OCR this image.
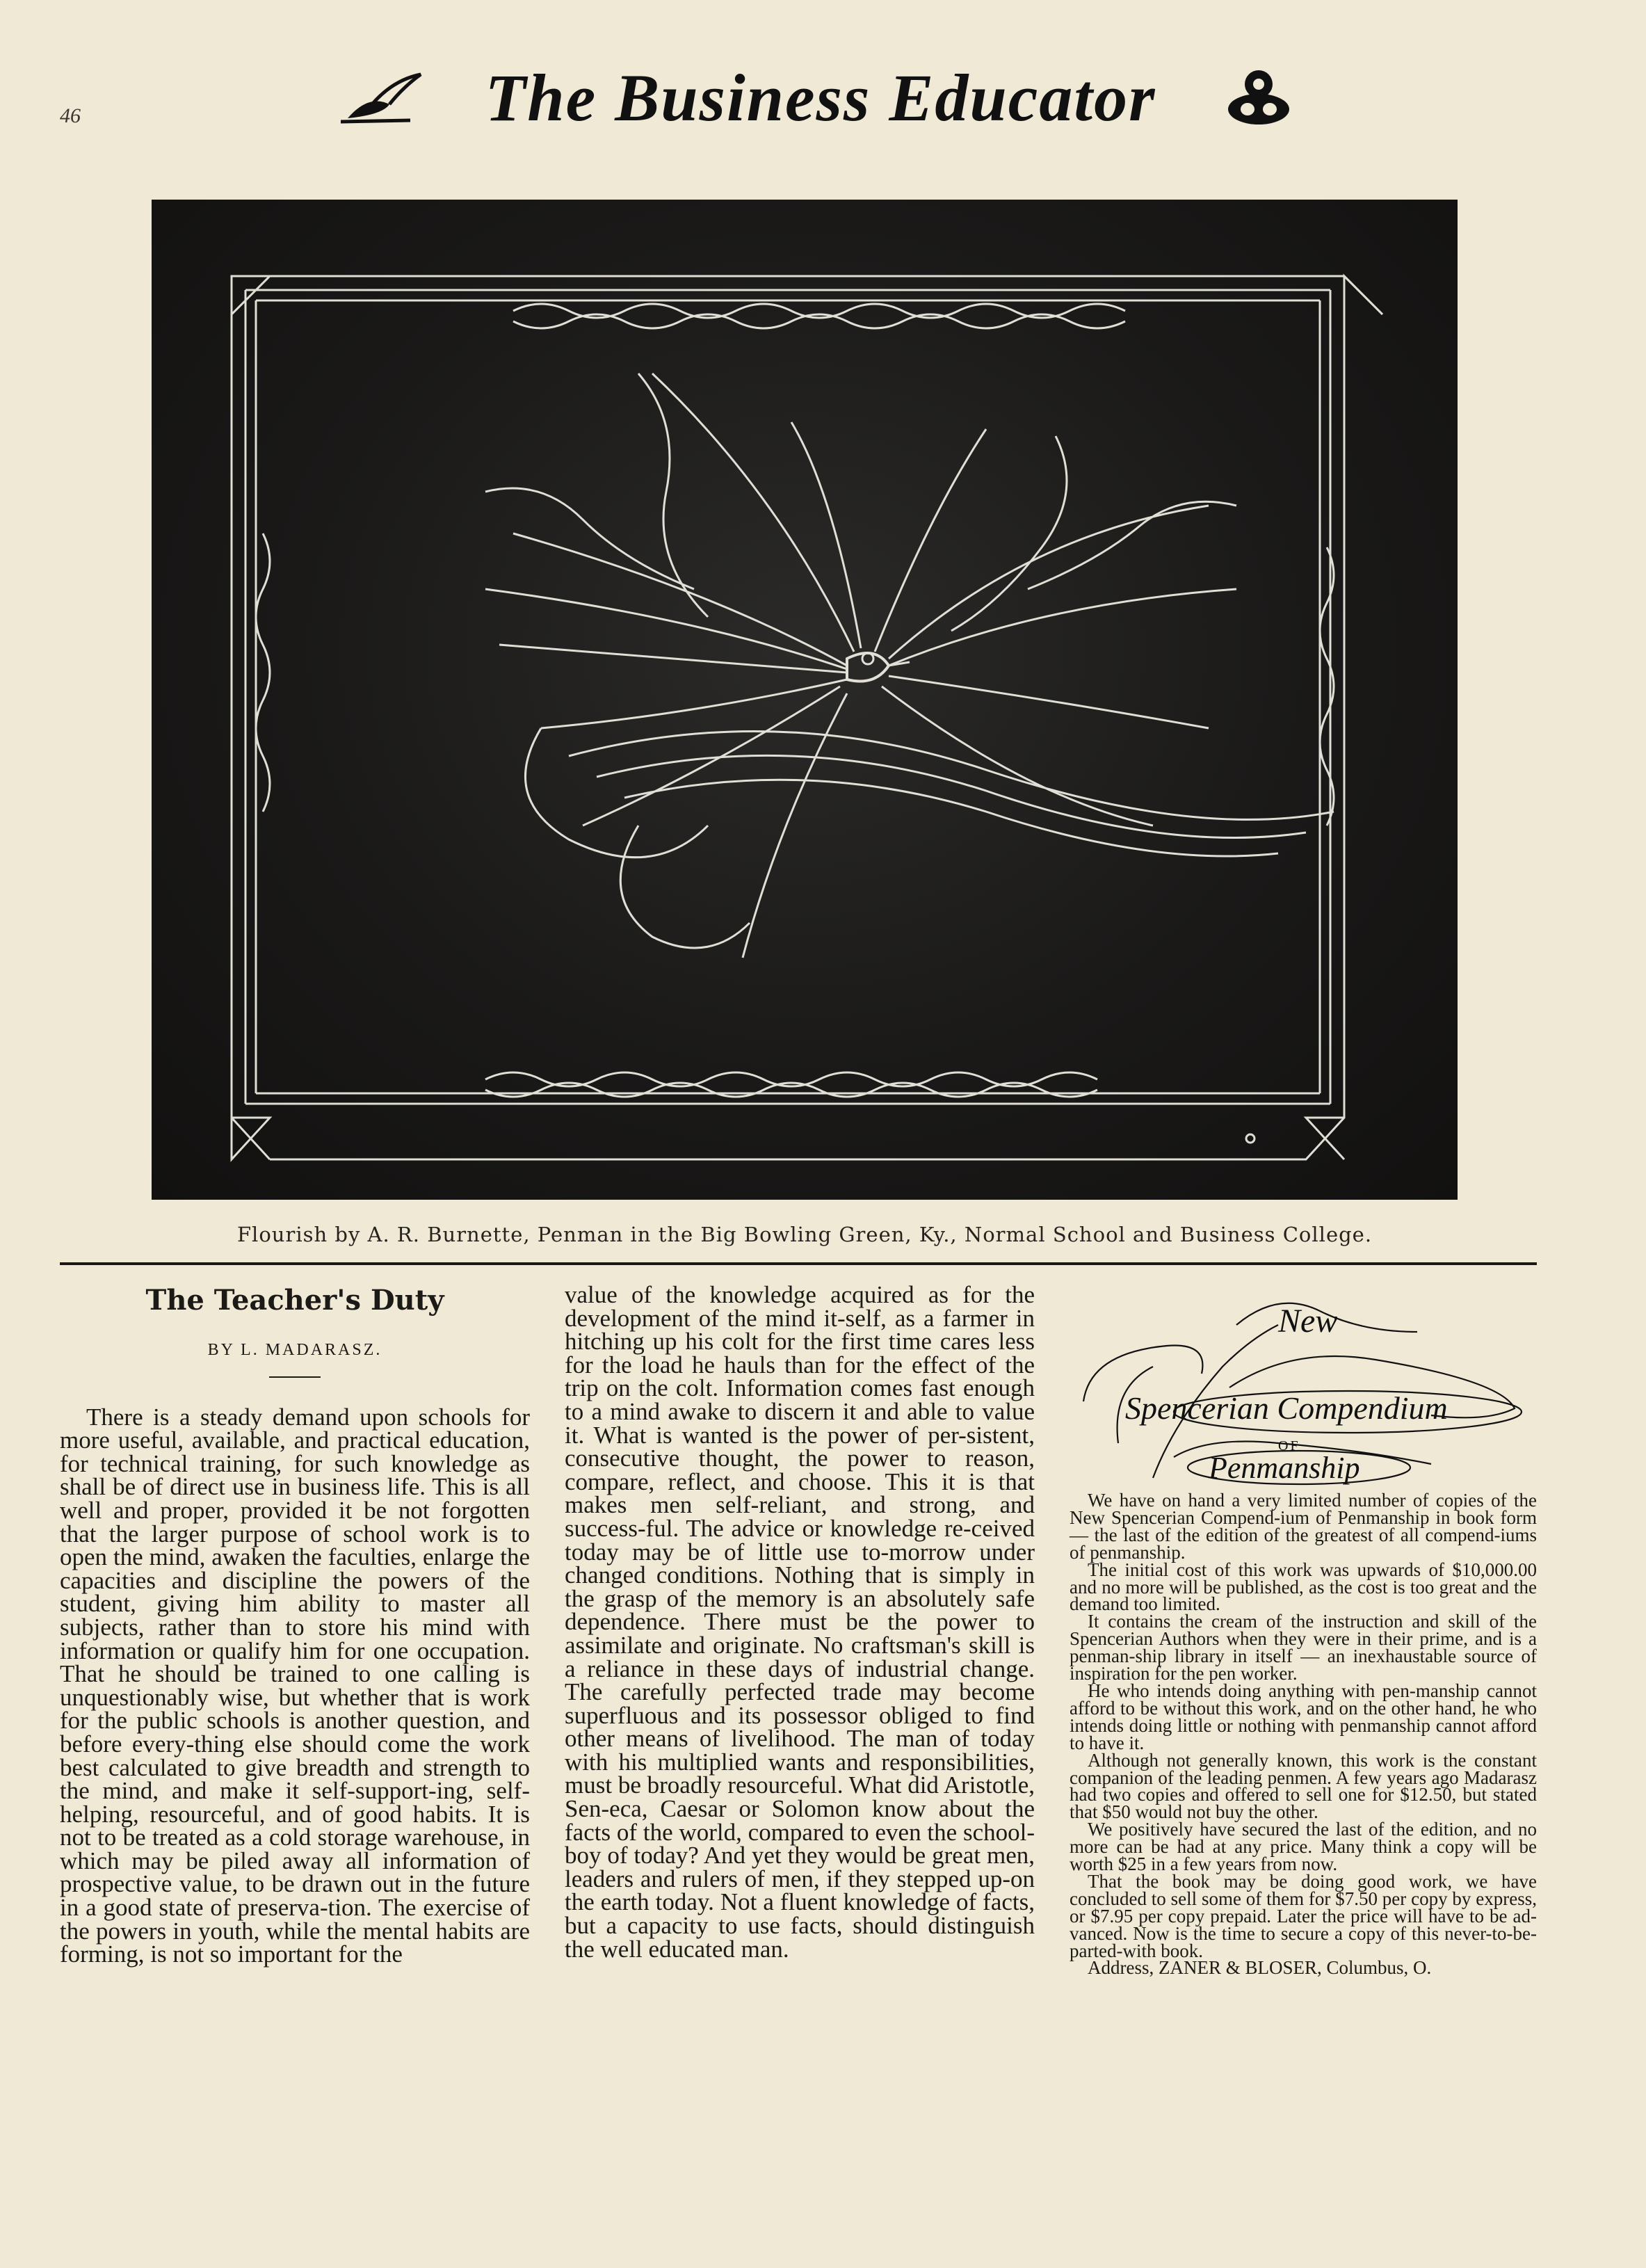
46	The Business Educator
Flourish by A. R. Burnette, Penman in the Big Bowling Green, Ky., Normal School and Business College.
The Teacher's Duty
BY L. MADARASZ.

There is a steady demand upon schools for more useful, available, and practical education, for technical training, for such knowledge as shall be of direct use in business life. This is all well and proper, provided it be not forgotten that the larger purpose of school work is to open the mind, awaken the faculties, enlarge the capacities and discipline the powers of the student, giving him ability to master all subjects, rather than to store his mind with information or qualify him for one occupation. That he should be trained to one calling is unquestionably wise, but whether that is work for the public schools is another question, and before every-thing else should come the work best calculated to give breadth and strength to the mind, and make it self-support-ing, self-helping, resourceful, and of good habits. It is not to be treated as a cold storage warehouse, in which may be piled away all information of prospective value, to be drawn out in the future in a good state of preserva-tion. The exercise of the powers in youth, while the mental habits are forming, is not so important for the

value of the knowledge acquired as for the development of the mind it-self, as a farmer in hitching up his colt for the first time cares less for the load he hauls than for the effect of the trip on the colt. Information comes fast enough to a mind awake to discern it and able to value it. What is wanted is the power of per-sistent, consecutive thought, the power to reason, compare, reflect, and choose. This it is that makes men self-reliant, and strong, and success-ful. The advice or knowledge re-ceived today may be of little use to-morrow under changed conditions. Nothing that is simply in the grasp of the memory is an absolutely safe dependence. There must be the power to assimilate and originate. No craftsman's skill is a reliance in these days of industrial change. The carefully perfected trade may become superfluous and its possessor obliged to find other means of livelihood. The man of today with his multiplied wants and responsibilities, must be broadly resourceful. What did Aristotle, Sen-eca, Caesar or Solomon know about the facts of the world, compared to even the school-boy of today? And yet they would be great men, leaders and rulers of men, if they stepped up-on the earth today. Not a fluent knowledge of facts, but a capacity to use facts, should distinguish the well educated man.

New
Spencerian Compendium
OF
Penmanship

We have on hand a very limited number of copies of the New Spencerian Compend-ium of Penmanship in book form — the last of the edition of the greatest of all compend-iums of penmanship.

The initial cost of this work was upwards of $10,000.00 and no more will be published, as the cost is too great and the demand too limited.

It contains the cream of the instruction and skill of the Spencerian Authors when they were in their prime, and is a penman-ship library in itself — an inexhaustable source of inspiration for the pen worker.

He who intends doing anything with pen-manship cannot afford to be without this work, and on the other hand, he who intends doing little or nothing with penmanship cannot afford to have it.

Although not generally known, this work is the constant companion of the leading penmen. A few years ago Madarasz had two copies and offered to sell one for $12.50, but stated that $50 would not buy the other.

We positively have secured the last of the edition, and no more can be had at any price. Many think a copy will be worth $25 in a few years from now.

That the book may be doing good work, we have concluded to sell some of them for $7.50 per copy by express, or $7.95 per copy prepaid. Later the price will have to be ad-vanced. Now is the time to secure a copy of this never-to-be-parted-with book.

Address, ZANER & BLOSER, Columbus, O.
